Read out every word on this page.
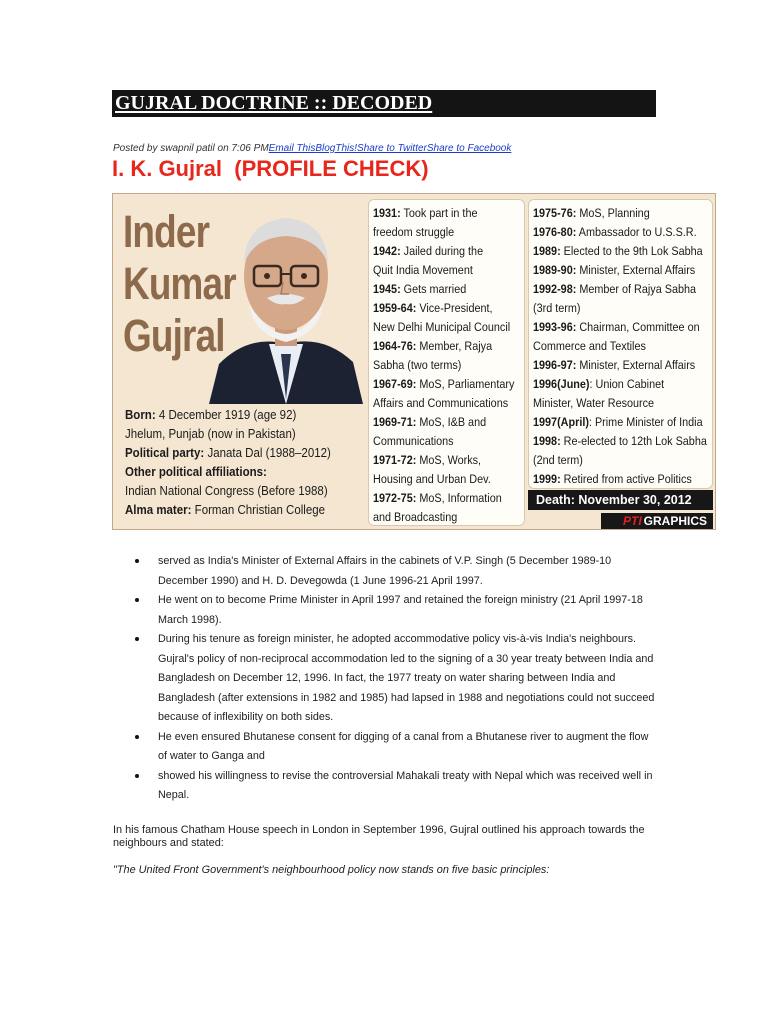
GUJRAL DOCTRINE :: DECODED
Posted by swapnil patil on 7:06 PMEmail ThisBlogThis!Share to TwitterShare to Facebook
I. K. Gujral  (PROFILE CHECK)
Inder
Kumar
Gujral
Born: 4 December 1919 (age 92)
Jhelum, Punjab (now in Pakistan)
Political party: Janata Dal (1988–2012)
Other political affiliations:
Indian National Congress (Before 1988)
Alma mater: Forman Christian College
1931: Took part in the
freedom struggle
1942: Jailed during the
Quit India Movement
1945: Gets married
1959-64: Vice-President,
New Delhi Municipal Council
1964-76: Member, Rajya
Sabha (two terms)
1967-69: MoS, Parliamentary
Affairs and Communications
1969-71: MoS, I&B and
Communications
1971-72: MoS, Works,
Housing and Urban Dev.
1972-75: MoS, Information
and Broadcasting
1975-76: MoS, Planning
1976-80: Ambassador to U.S.S.R.
1989: Elected to the 9th Lok Sabha
1989-90: Minister, External Affairs
1992-98: Member of Rajya Sabha
(3rd term)
1993-96: Chairman, Committee on
Commerce and Textiles
1996-97: Minister, External Affairs
1996(June): Union Cabinet
Minister, Water Resource
1997(April): Prime Minister of India
1998: Re-elected to 12th Lok Sabha
(2nd term)
1999: Retired from active Politics
Death: November 30, 2012
PTI GRAPHICS
served as India's Minister of External Affairs in the cabinets of V.P. Singh (5 December 1989-10 December 1990) and H. D. Devegowda (1 June 1996-21 April 1997.
He went on to become Prime Minister in April 1997 and retained the foreign ministry (21 April 1997-18 March 1998).
During his tenure as foreign minister, he adopted accommodative policy vis-à-vis India's neighbours. Gujral's policy of non-reciprocal accommodation led to the signing of a 30 year treaty between India and Bangladesh on December 12, 1996. In fact, the 1977 treaty on water sharing between India and Bangladesh (after extensions in 1982 and 1985) had lapsed in 1988 and negotiations could not succeed because of inflexibility on both sides.
He even ensured Bhutanese consent for digging of a canal from a Bhutanese river to augment the flow of water to Ganga and
showed his willingness to revise the controversial Mahakali treaty with Nepal which was received well in Nepal.
In his famous Chatham House speech in London in September 1996, Gujral outlined his approach towards the neighbours and stated:
"The United Front Government's neighbourhood policy now stands on five basic principles:
